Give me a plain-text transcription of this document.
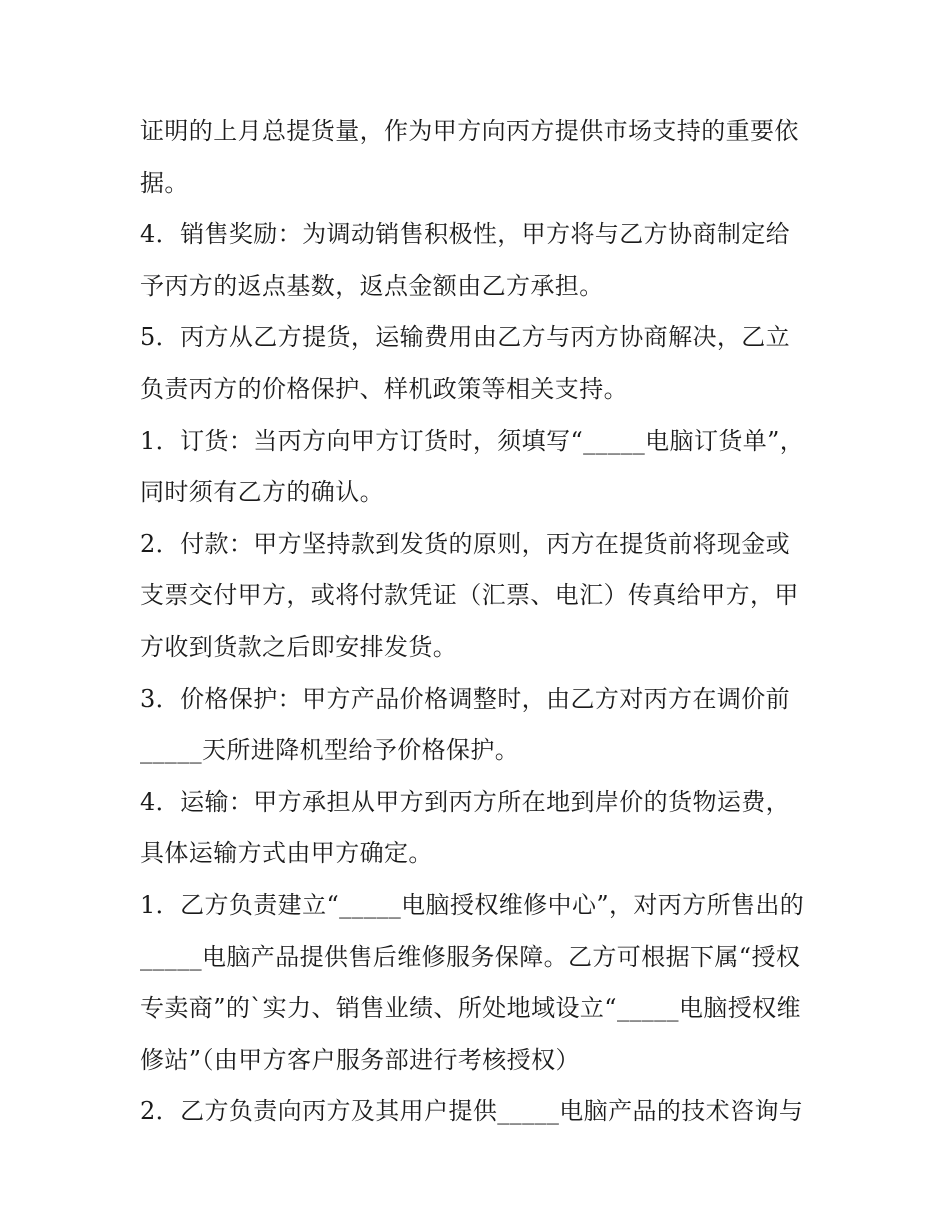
证明的上月总提货量，作为甲方向丙方提供市场支持的重要依
据。
4．销售奖励：为调动销售积极性，甲方将与乙方协商制定给
予丙方的返点基数，返点金额由乙方承担。
5．丙方从乙方提货，运输费用由乙方与丙方协商解决，乙立
负责丙方的价格保护、样机政策等相关支持。
1．订货：当丙方向甲方订货时，须填写“_____电脑订货单”，
同时须有乙方的确认。
2．付款：甲方坚持款到发货的原则，丙方在提货前将现金或
支票交付甲方，或将付款凭证（汇票、电汇）传真给甲方，甲
方收到货款之后即安排发货。
3．价格保护：甲方产品价格调整时，由乙方对丙方在调价前
_____天所进降机型给予价格保护。
4．运输：甲方承担从甲方到丙方所在地到岸价的货物运费，
具体运输方式由甲方确定。
1．乙方负责建立“_____电脑授权维修中心”，对丙方所售出的
_____电脑产品提供售后维修服务保障。乙方可根据下属“授权
专卖商”的`实力、销售业绩、所处地域设立“_____电脑授权维
修站”（由甲方客户服务部进行考核授权）
2．乙方负责向丙方及其用户提供_____电脑产品的技术咨询与
